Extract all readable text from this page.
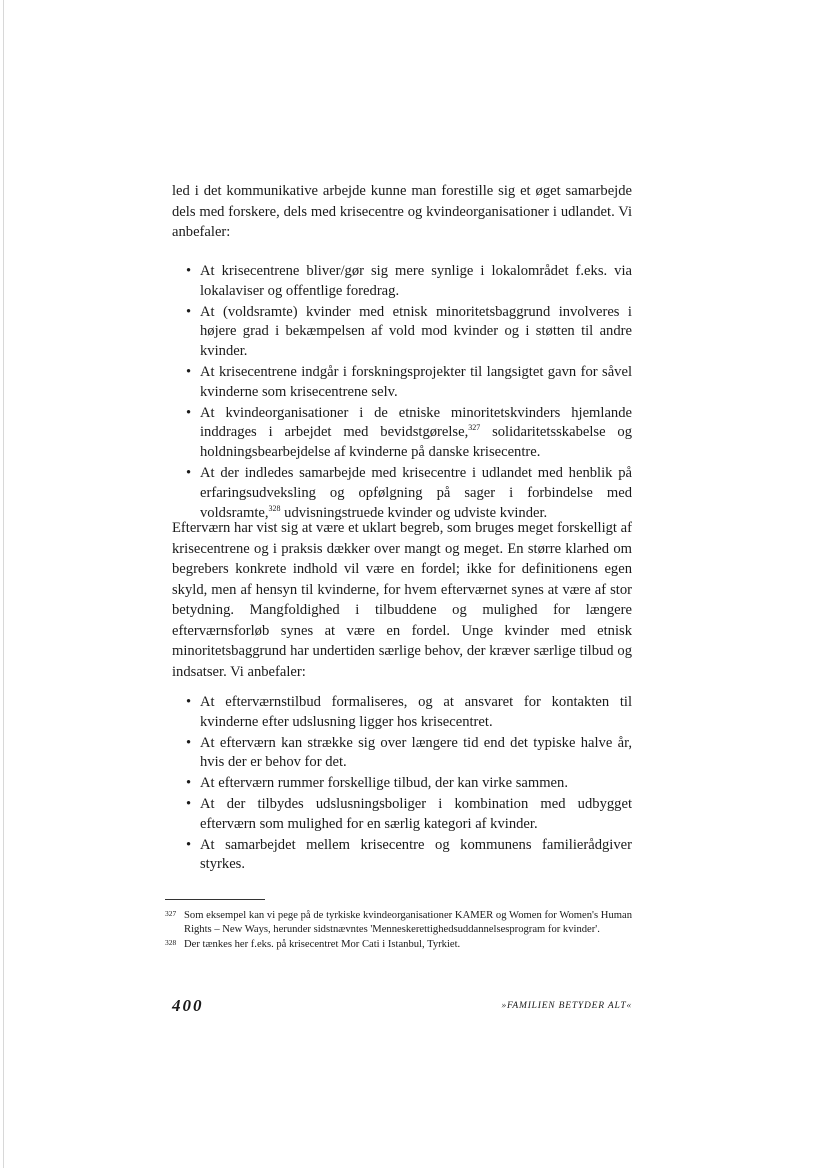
led i det kommunikative arbejde kunne man forestille sig et øget samarbejde dels med forskere, dels med krisecentre og kvindeorganisationer i udlandet. Vi anbefaler:

• At krisecentrene bliver/gør sig mere synlige i lokalområdet f.eks. via lokalaviser og offentlige foredrag.
• At (voldsramte) kvinder med etnisk minoritetsbaggrund involveres i højere grad i bekæmpelsen af vold mod kvinder og i støtten til andre kvinder.
• At krisecentrene indgår i forskningsprojekter til langsigtet gavn for såvel kvinderne som krisecentrene selv.
• At kvindeorganisationer i de etniske minoritetskvinders hjemlande inddrages i arbejdet med bevidstgørelse,$^{327}$ solidaritetsskabelse og holdningsbearbejdelse af kvinderne på danske krisecentre.
• At der indledes samarbejde med krisecentre i udlandet med henblik på erfaringsudveksling og opfølgning på sager i forbindelse med voldsramte,$^{328}$ udvisningstruede kvinder og udviste kvinder.

Efterværn har vist sig at være et uklart begreb, som bruges meget forskelligt af krisecentrene og i praksis dækker over mangt og meget. En større klarhed om begrebers konkrete indhold vil være en fordel; ikke for definitionens egen skyld, men af hensyn til kvinderne, for hvem efterværnet synes at være af stor betydning. Mangfoldighed i tilbuddene og mulighed for længere efterværnsforløb synes at være en fordel. Unge kvinder med etnisk minoritetsbaggrund har undertiden særlige behov, der kræver særlige tilbud og indsatser. Vi anbefaler:

• At efterværnstilbud formaliseres, og at ansvaret for kontakten til kvinderne efter udslusning ligger hos krisecentret.
• At efterværn kan strække sig over længere tid end det typiske halve år, hvis der er behov for det.
• At efterværn rummer forskellige tilbud, der kan virke sammen.
• At der tilbydes udslusningsboliger i kombination med udbygget efterværn som mulighed for en særlig kategori af kvinder.
• At samarbejdet mellem krisecentre og kommunens familierådgiver styrkes.
327 Som eksempel kan vi pege på de tyrkiske kvindeorganisationer KAMER og Women for Women's Human Rights – New Ways, herunder sidstnævntes 'Menneskerettighedsuddannelsesprogram for kvinder'.
328 Der tænkes her f.eks. på krisecentret Mor Cati i Istanbul, Tyrkiet.
400	»FAMILIEN BETYDER ALT«
